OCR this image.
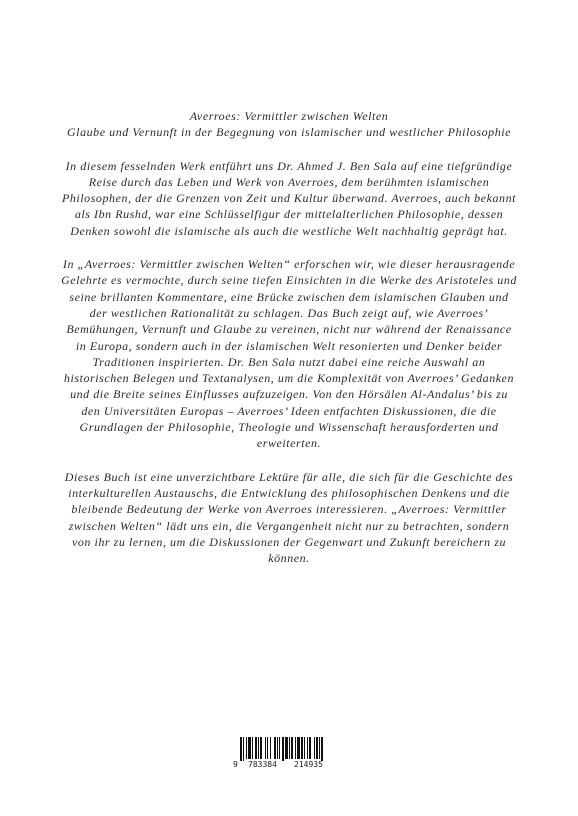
Averroes: Vermittler zwischen Welten

Glaube und Vernunft in der Begegnung von islamischer und westlicher Philosophie

In diesem fesselnden Werk entführt uns Dr. Ahmed J. Ben Sala auf eine tiefgründige Reise durch das Leben und Werk von Averroes, dem berühmten islamischen Philosophen, der die Grenzen von Zeit und Kultur überwand. Averroes, auch bekannt als Ibn Rushd, war eine Schlüsselfigur der mittelalterlichen Philosophie, dessen Denken sowohl die islamische als auch die westliche Welt nachhaltig geprägt hat.

In „Averroes: Vermittler zwischen Welten“ erforschen wir, wie dieser herausragende Gelehrte es vermochte, durch seine tiefen Einsichten in die Werke des Aristoteles und seine brillanten Kommentare, eine Brücke zwischen dem islamischen Glauben und der westlichen Rationalität zu schlagen. Das Buch zeigt auf, wie Averroes’ Bemühungen, Vernunft und Glaube zu vereinen, nicht nur während der Renaissance in Europa, sondern auch in der islamischen Welt resonierten und Denker beider Traditionen inspirierten. Dr. Ben Sala nutzt dabei eine reiche Auswahl an historischen Belegen und Textanalysen, um die Komplexität von Averroes’ Gedanken und die Breite seines Einflusses aufzuzeigen. Von den Hörsälen Al-Andalus’ bis zu den Universitäten Europas – Averroes’ Ideen entfachten Diskussionen, die die Grundlagen der Philosophie, Theologie und Wissenschaft herausforderten und erweiterten.

Dieses Buch ist eine unverzichtbare Lektüre für alle, die sich für die Geschichte des interkulturellen Austauschs, die Entwicklung des philosophischen Denkens und die bleibende Bedeutung der Werke von Averroes interessieren. „Averroes: Vermittler zwischen Welten“ lädt uns ein, die Vergangenheit nicht nur zu betrachten, sondern von ihr zu lernen, um die Diskussionen der Gegenwart und Zukunft bereichern zu können.

9 783384 214935
